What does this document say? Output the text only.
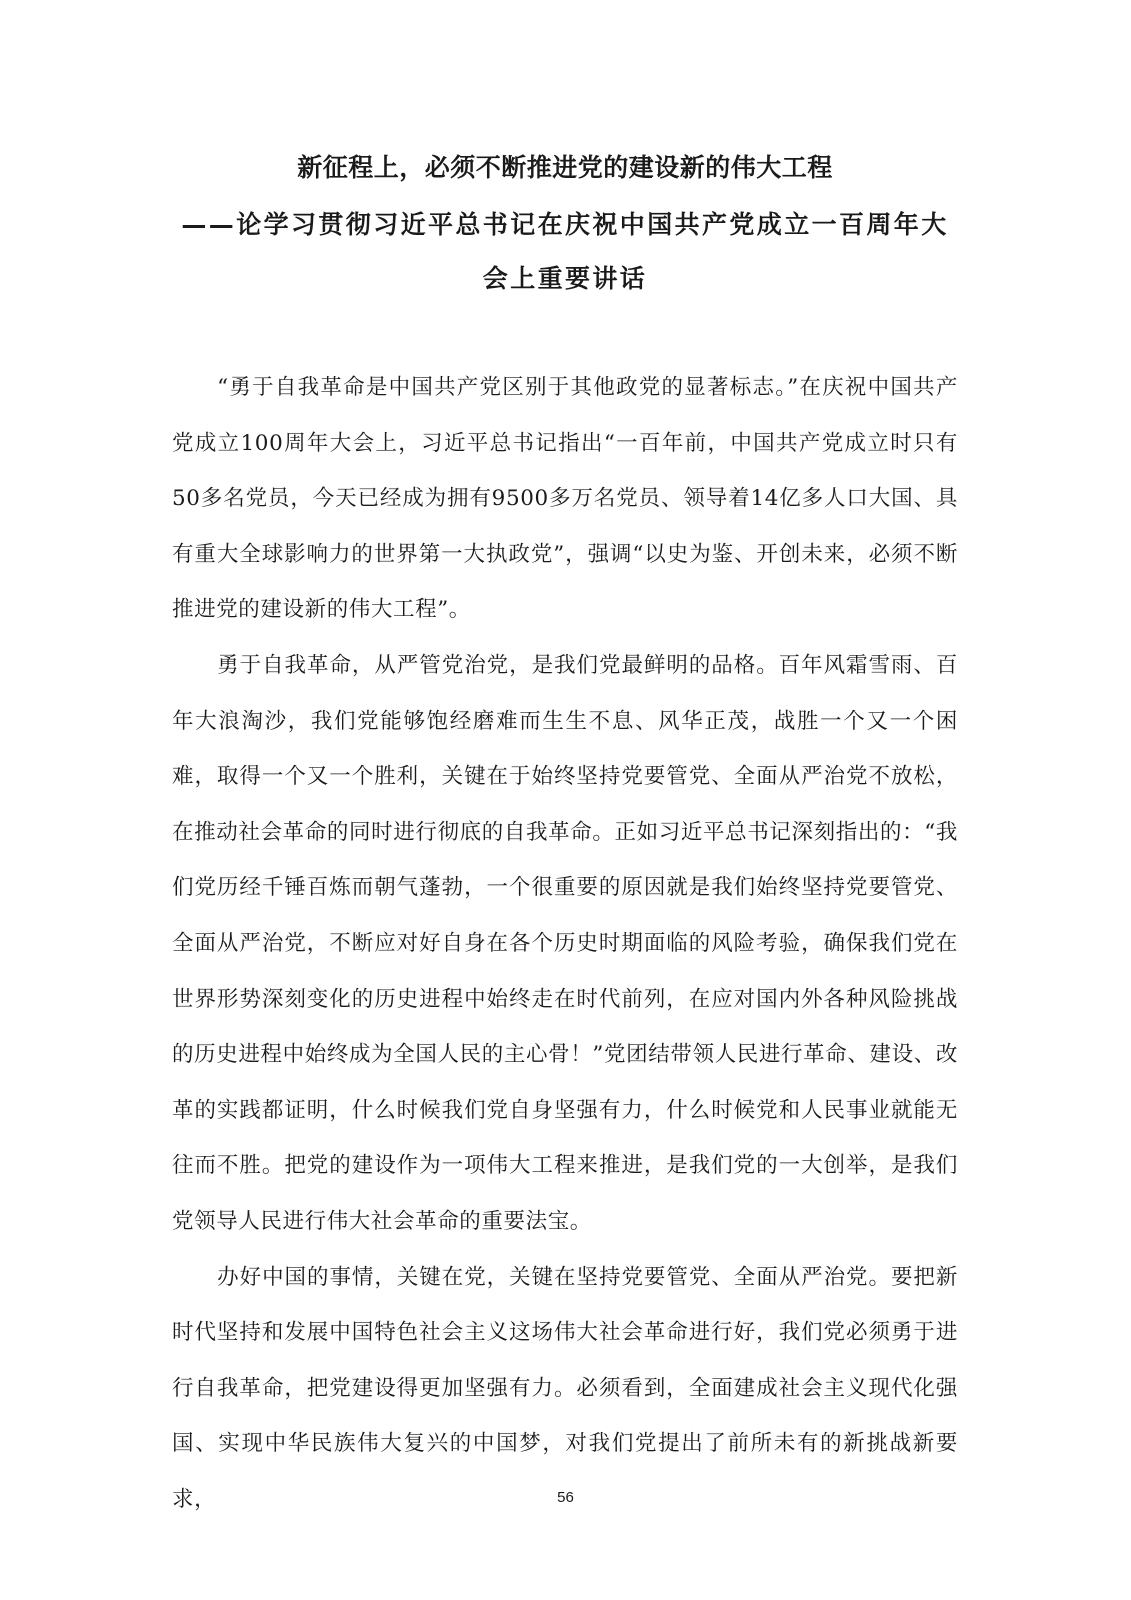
新征程上，必须不断推进党的建设新的伟大工程
——论学习贯彻习近平总书记在庆祝中国共产党成立一百周年大会上重要讲话

“勇于自我革命是中国共产党区别于其他政党的显著标志。”在庆祝中国共产党成立100周年大会上，习近平总书记指出“一百年前，中国共产党成立时只有50多名党员，今天已经成为拥有9500多万名党员、领导着14亿多人口大国、具有重大全球影响力的世界第一大执政党”，强调“以史为鉴、开创未来，必须不断推进党的建设新的伟大工程”。

勇于自我革命，从严管党治党，是我们党最鲜明的品格。百年风霜雪雨、百年大浪淘沙，我们党能够饱经磨难而生生不息、风华正茂，战胜一个又一个困难，取得一个又一个胜利，关键在于始终坚持党要管党、全面从严治党不放松，在推动社会革命的同时进行彻底的自我革命。正如习近平总书记深刻指出的：“我们党历经千锤百炼而朝气蓬勃，一个很重要的原因就是我们始终坚持党要管党、全面从严治党，不断应对好自身在各个历史时期面临的风险考验，确保我们党在世界形势深刻变化的历史进程中始终走在时代前列，在应对国内外各种风险挑战的历史进程中始终成为全国人民的主心骨！”党团结带领人民进行革命、建设、改革的实践都证明，什么时候我们党自身坚强有力，什么时候党和人民事业就能无往而不胜。把党的建设作为一项伟大工程来推进，是我们党的一大创举，是我们党领导人民进行伟大社会革命的重要法宝。

办好中国的事情，关键在党，关键在坚持党要管党、全面从严治党。要把新时代坚持和发展中国特色社会主义这场伟大社会革命进行好，我们党必须勇于进行自我革命，把党建设得更加坚强有力。必须看到，全面建成社会主义现代化强国、实现中华民族伟大复兴的中国梦，对我们党提出了前所未有的新挑战新要求，	56
